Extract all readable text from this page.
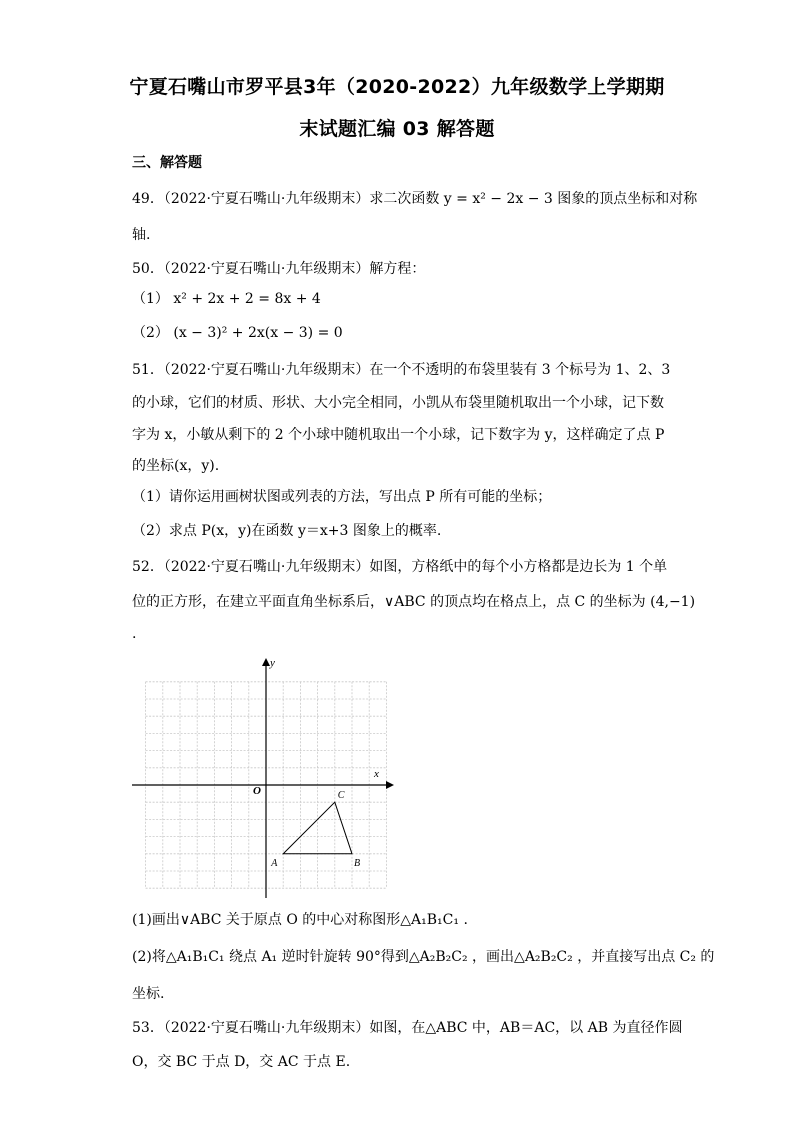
宁夏石嘴山市罗平县3年（2020-2022）九年级数学上学期期
末试题汇编 03 解答题
三、解答题
49．（2022·宁夏石嘴山·九年级期末）求二次函数 y = x² − 2x − 3 图象的顶点坐标和对称
轴.
50．（2022·宁夏石嘴山·九年级期末）解方程：
（1） x² + 2x + 2 = 8x + 4
（2） (x − 3)² + 2x(x − 3) = 0
51．（2022·宁夏石嘴山·九年级期末）在一个不透明的布袋里装有 3 个标号为 1、2、3
的小球，它们的材质、形状、大小完全相同，小凯从布袋里随机取出一个小球，记下数
字为 x，小敏从剩下的 2 个小球中随机取出一个小球，记下数字为 y，这样确定了点 P
的坐标(x，y).
（1）请你运用画树状图或列表的方法，写出点 P 所有可能的坐标；
（2）求点 P(x，y)在函数 y＝x+3 图象上的概率.
52．（2022·宁夏石嘴山·九年级期末）如图，方格纸中的每个小方格都是边长为 1 个单
位的正方形，在建立平面直角坐标系后，∨ABC 的顶点均在格点上，点 C 的坐标为 (4,−1)
.
x
y
O
A	B
C
(1)画出∨ABC 关于原点 O 的中心对称图形△A₁B₁C₁ .
(2)将△A₁B₁C₁ 绕点 A₁ 逆时针旋转 90°得到△A₂B₂C₂ ，画出△A₂B₂C₂ ，并直接写出点 C₂ 的
坐标.
53．（2022·宁夏石嘴山·九年级期末）如图，在△ABC 中，AB＝AC，以 AB 为直径作圆
O，交 BC 于点 D，交 AC 于点 E.
